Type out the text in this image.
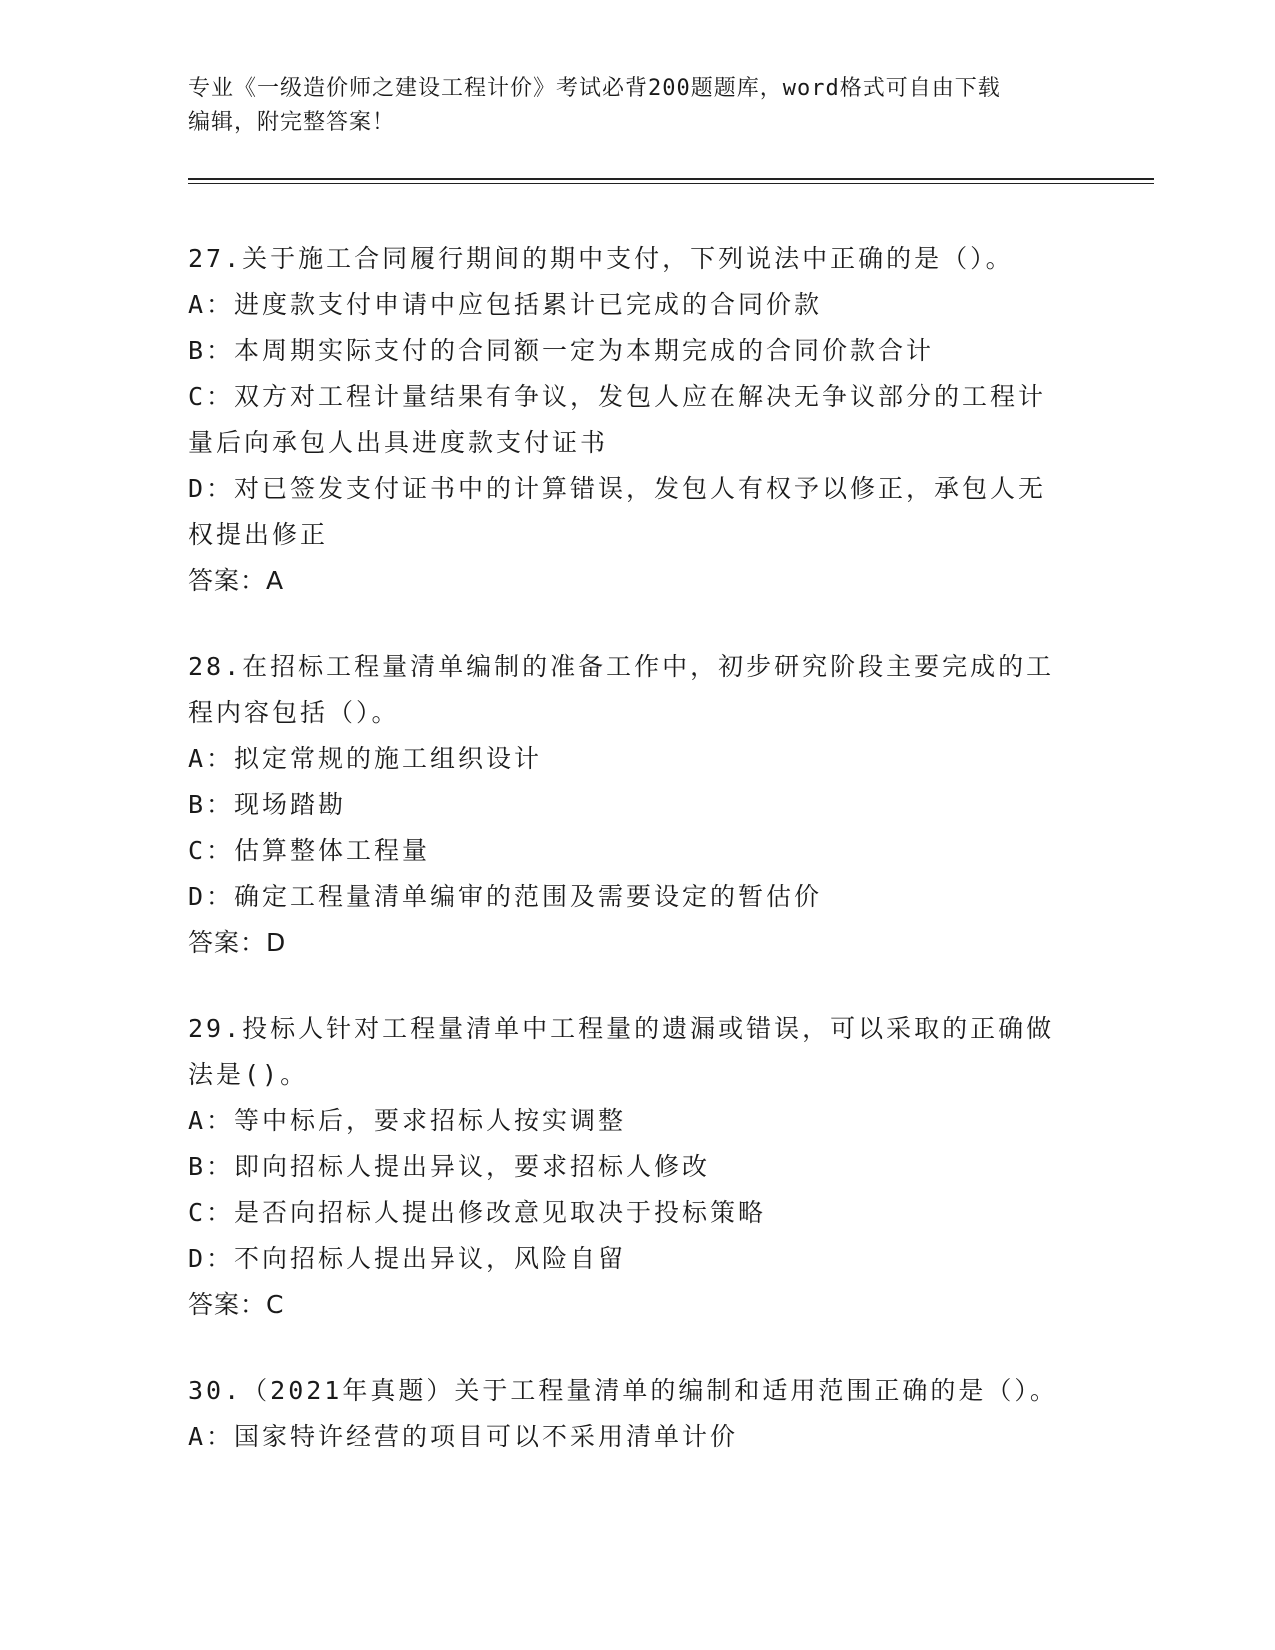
专业《一级造价师之建设工程计价》考试必背200题题库，word格式可自由下载
编辑，附完整答案！
27.关于施工合同履行期间的期中支付，下列说法中正确的是（）。
A：进度款支付申请中应包括累计已完成的合同价款
B：本周期实际支付的合同额一定为本期完成的合同价款合计
C：双方对工程计量结果有争议，发包人应在解决无争议部分的工程计
量后向承包人出具进度款支付证书
D：对已签发支付证书中的计算错误，发包人有权予以修正，承包人无
权提出修正
答案：A
28.在招标工程量清单编制的准备工作中，初步研究阶段主要完成的工
程内容包括（）。
A：拟定常规的施工组织设计
B：现场踏勘
C：估算整体工程量
D：确定工程量清单编审的范围及需要设定的暂估价
答案：D
29.投标人针对工程量清单中工程量的遗漏或错误，可以采取的正确做
法是()。
A：等中标后，要求招标人按实调整
B：即向招标人提出异议，要求招标人修改
C：是否向招标人提出修改意见取决于投标策略
D：不向招标人提出异议，风险自留
答案：C
30.（2021年真题）关于工程量清单的编制和适用范围正确的是（）。
A：国家特许经营的项目可以不采用清单计价
